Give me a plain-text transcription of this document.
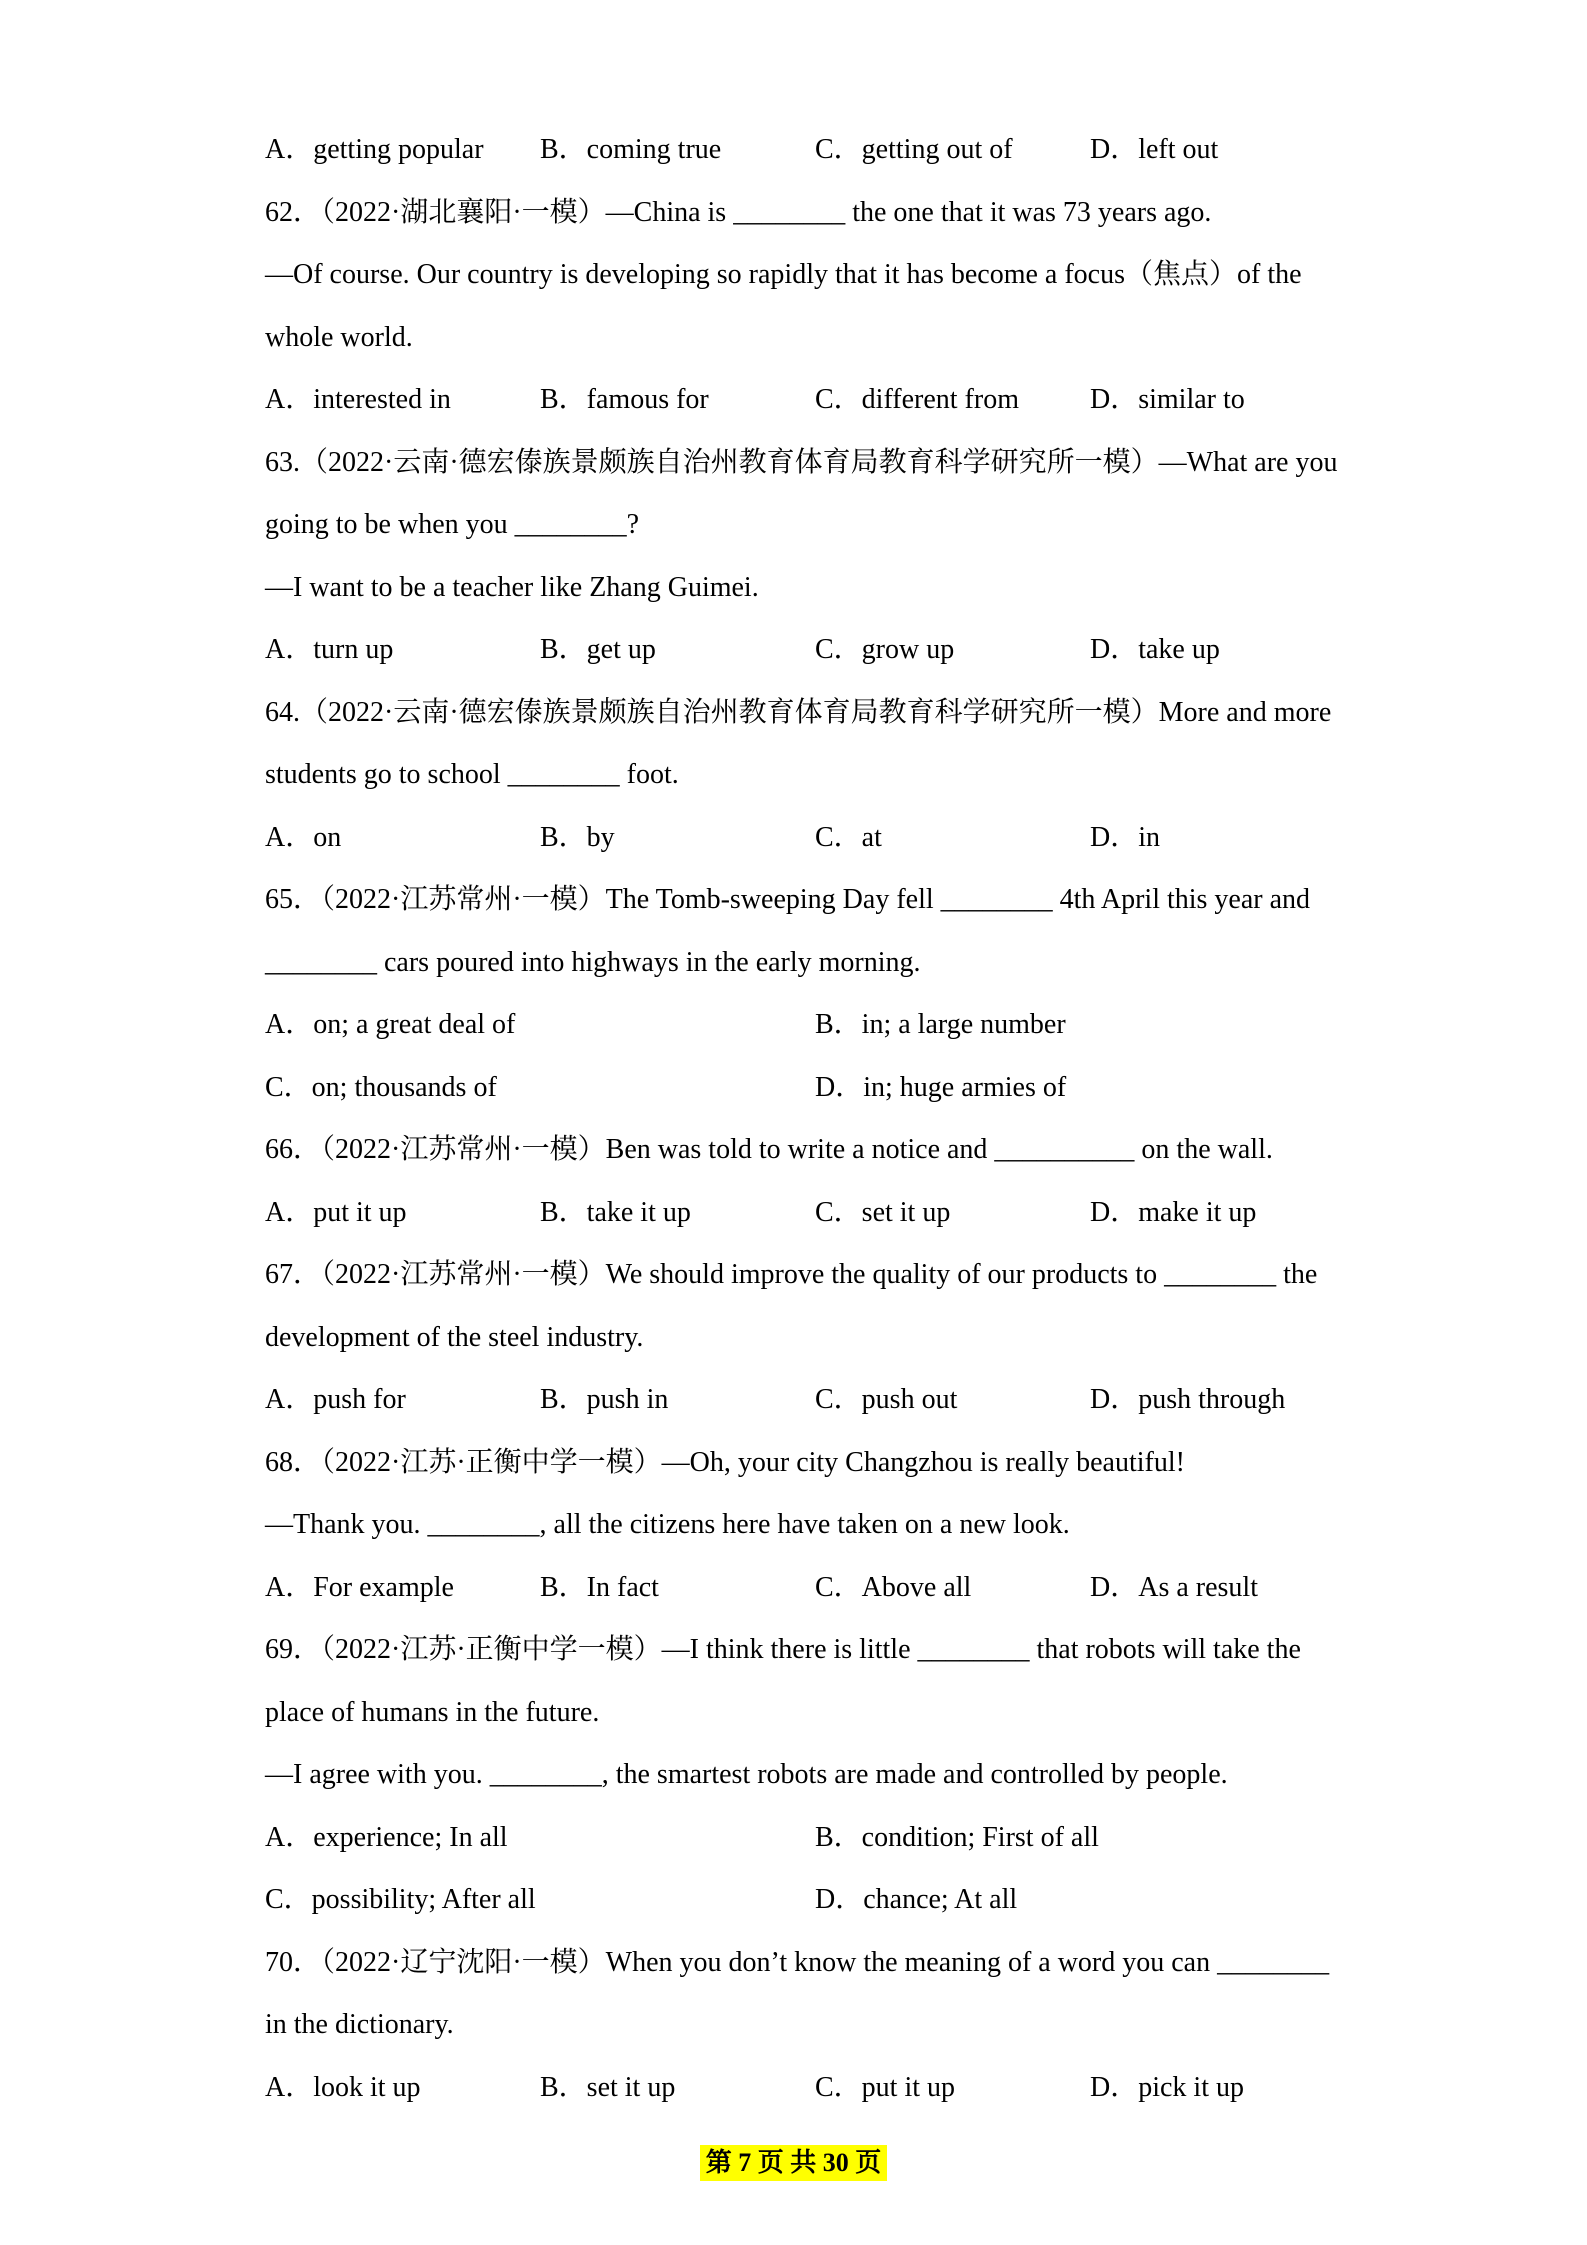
A．getting popular	B．coming true	C．getting out of	D．left out
62．（2022·湖北襄阳·一模）—China is ________ the one that it was 73 years ago.
—Of course. Our country is developing so rapidly that it has become a focus（焦点）of the
whole world.
A．interested in	B．famous for	C．different from	D．similar to
63.（2022·云南·德宏傣族景颇族自治州教育体育局教育科学研究所一模）—What are you
going to be when you ________?
—I want to be a teacher like Zhang Guimei.
A．turn up	B．get up	C．grow up	D．take up
64.（2022·云南·德宏傣族景颇族自治州教育体育局教育科学研究所一模）More and more
students go to school ________ foot.
A．on	B．by	C．at	D．in
65．（2022·江苏常州·一模）The Tomb-sweeping Day fell ________ 4th April this year and
________ cars poured into highways in the early morning.
A．on; a great deal of	B．in; a large number
C．on; thousands of	D．in; huge armies of
66．（2022·江苏常州·一模）Ben was told to write a notice and __________ on the wall.
A．put it up	B．take it up	C．set it up	D．make it up
67．（2022·江苏常州·一模）We should improve the quality of our products to ________ the
development of the steel industry.
A．push for	B．push in	C．push out	D．push through
68．（2022·江苏·正衡中学一模）—Oh, your city Changzhou is really beautiful!
—Thank you. ________, all the citizens here have taken on a new look.
A．For example	B．In fact	C．Above all	D．As a result
69．（2022·江苏·正衡中学一模）—I think there is little ________ that robots will take the
place of humans in the future.
—I agree with you. ________, the smartest robots are made and controlled by people.
A．experience; In all	B．condition; First of all
C．possibility; After all	D．chance; At all
70．（2022·辽宁沈阳·一模）When you don’t know the meaning of a word you can ________
in the dictionary.
A．look it up	B．set it up	C．put it up	D．pick it up
第 7 页 共 30 页
